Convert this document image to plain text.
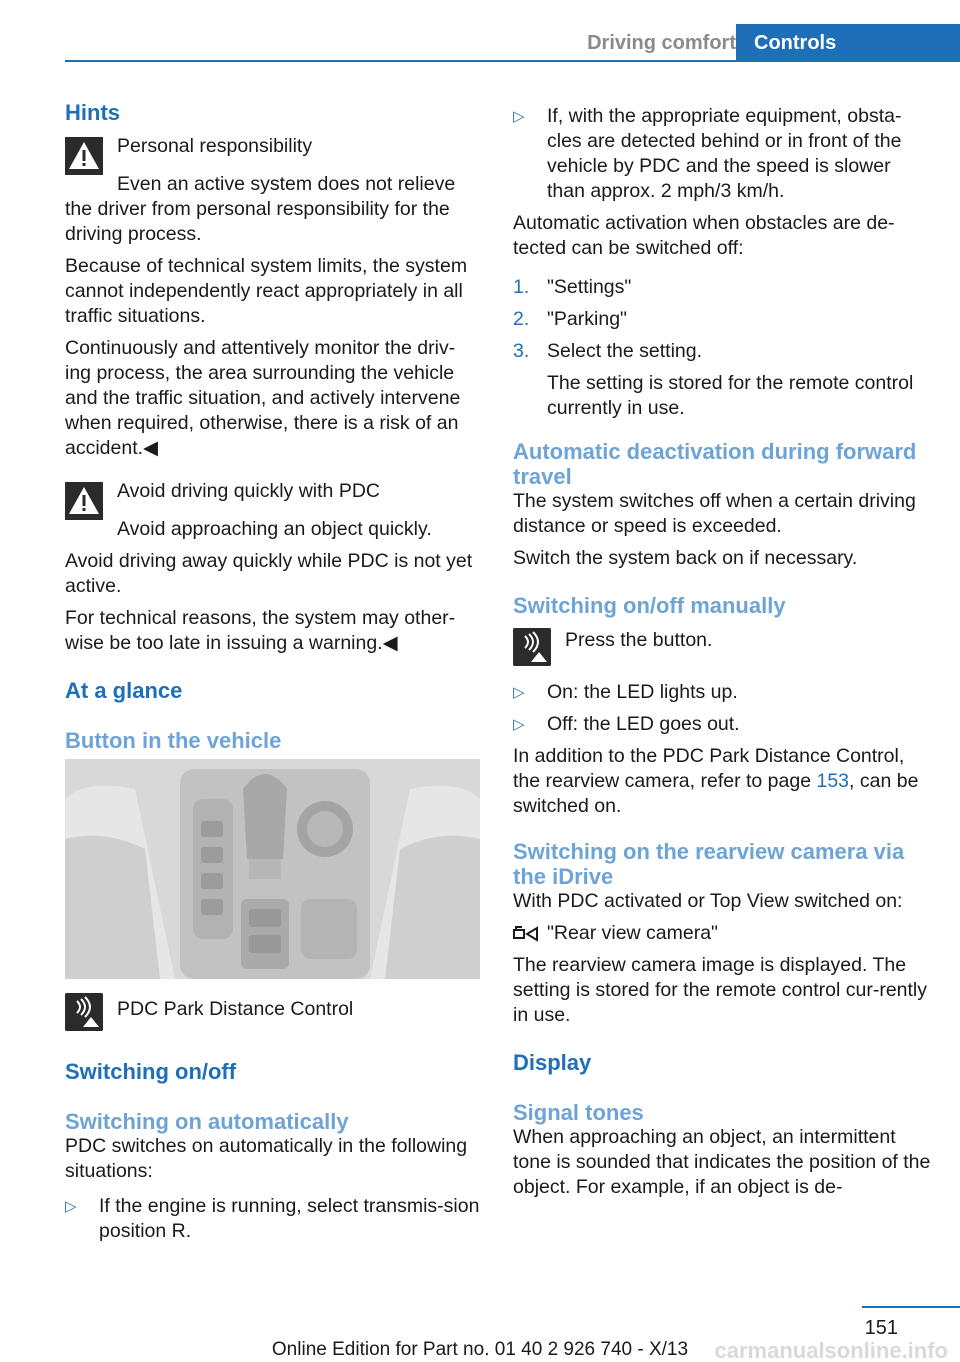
Driving comfort Controls
Hints

Personal responsibility

Even an active system does not relieve the driver from personal responsibility for the driving process.

Because of technical system limits, the system cannot independently react appropriately in all traffic situations.

Continuously and attentively monitor the driv‐ing process, the area surrounding the vehicle and the traffic situation, and actively intervene when required, otherwise, there is a risk of an accident.◀

Avoid driving quickly with PDC

Avoid approaching an object quickly.

Avoid driving away quickly while PDC is not yet active.

For technical reasons, the system may other‐wise be too late in issuing a warning.◀

At a glance
Button in the vehicle

PDC Park Distance Control

Switching on/off
Switching on automatically

PDC switches on automatically in the following situations:

▷ If the engine is running, select transmis‐sion position R.
▷ If, with the appropriate equipment, obsta‐cles are detected behind or in front of the vehicle by PDC and the speed is slower than approx. 2 mph/3 km/h.

Automatic activation when obstacles are de‐tected can be switched off:

1. "Settings"
2. "Parking"
3. Select the setting.
The setting is stored for the remote control currently in use.
Automatic deactivation during forward travel

The system switches off when a certain driving distance or speed is exceeded.

Switch the system back on if necessary.

Switching on/off manually

Press the button.

▷ On: the LED lights up.
▷ Off: the LED goes out.

In addition to the PDC Park Distance Control, the rearview camera, refer to page 153, can be switched on.

Switching on the rearview camera via the iDrive

With PDC activated or Top View switched on:

"Rear view camera"

The rearview camera image is displayed. The setting is stored for the remote control cur‐rently in use.

Display
Signal tones

When approaching an object, an intermittent tone is sounded that indicates the position of the object. For example, if an object is de‐

151
Online Edition for Part no. 01 40 2 926 740 - X/13	carmanualsonline.info
